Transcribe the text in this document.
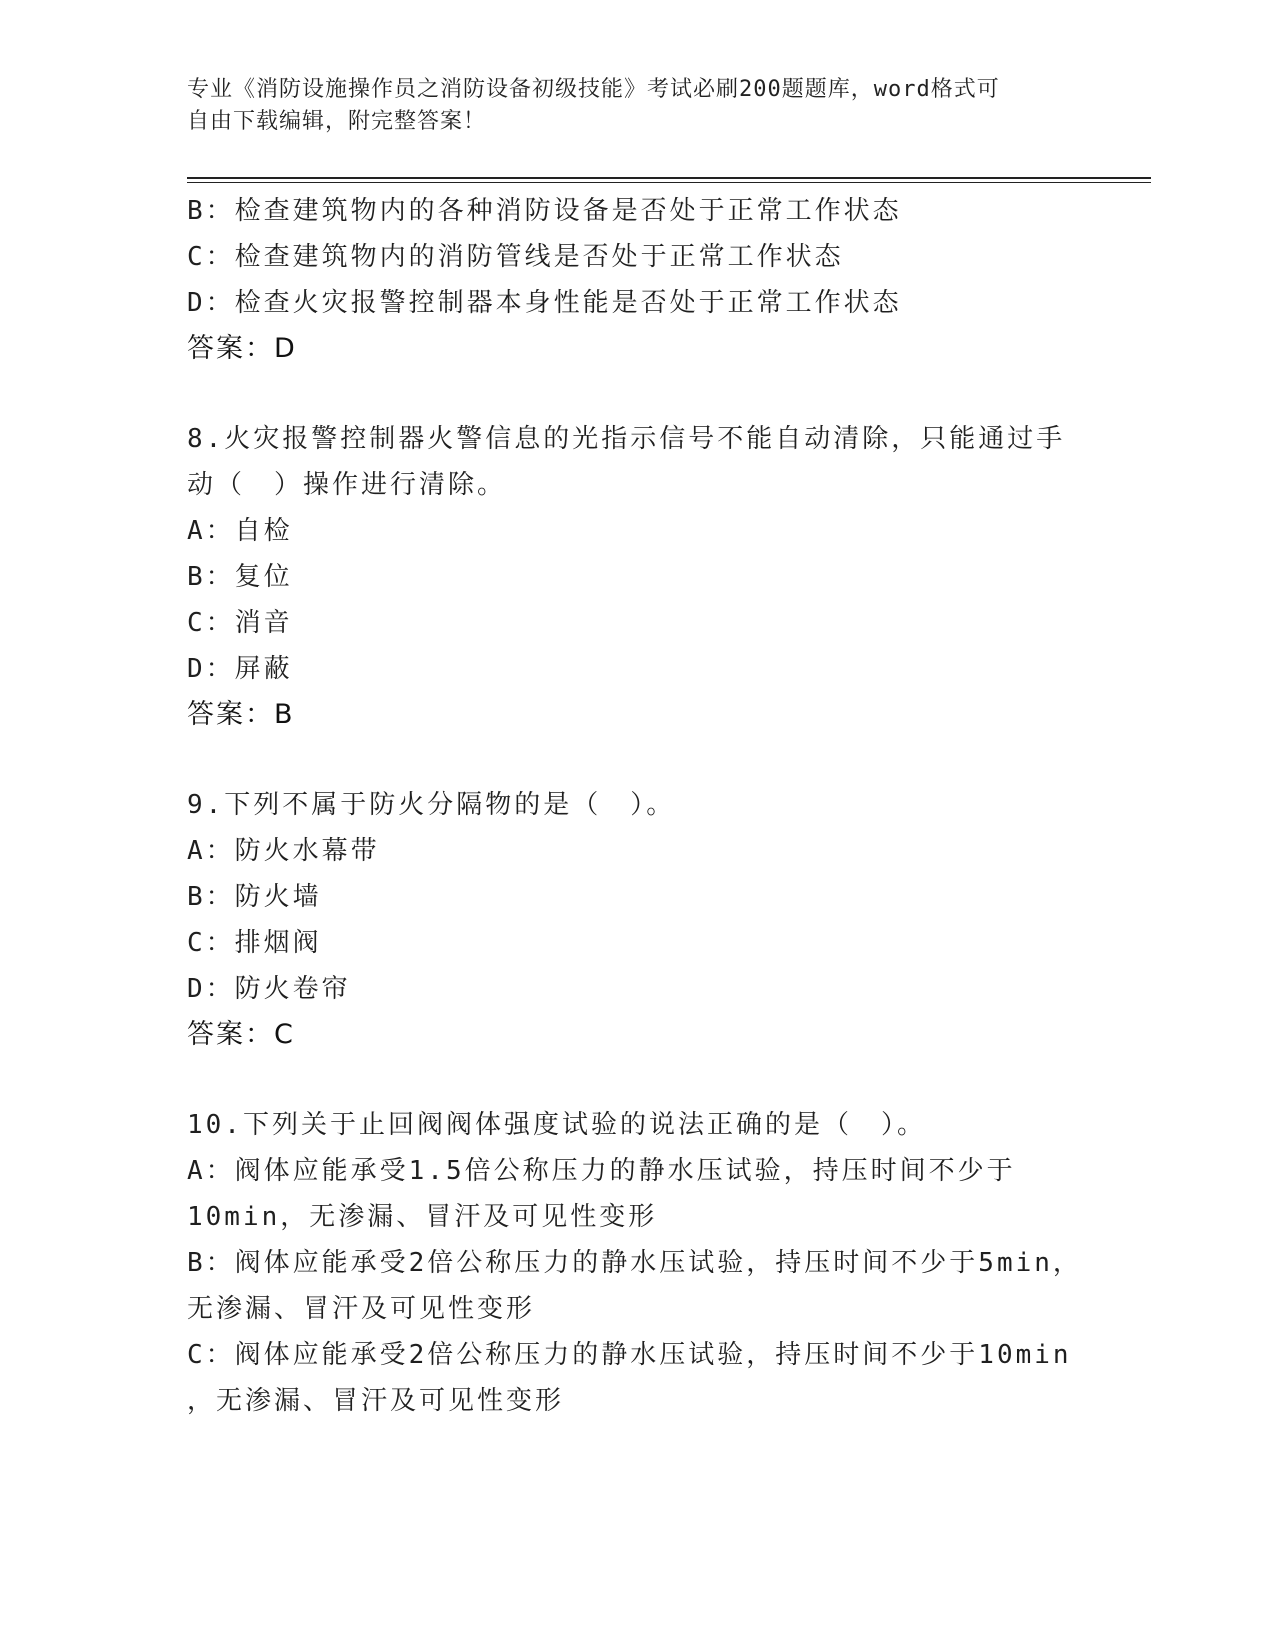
专业《消防设施操作员之消防设备初级技能》考试必刷200题题库，word格式可
自由下载编辑，附完整答案！
B：检查建筑物内的各种消防设备是否处于正常工作状态
C：检查建筑物内的消防管线是否处于正常工作状态
D：检查火灾报警控制器本身性能是否处于正常工作状态
答案：D
8.火灾报警控制器火警信息的光指示信号不能自动清除，只能通过手
动（　）操作进行清除。
A：自检
B：复位
C：消音
D：屏蔽
答案：B
9.下列不属于防火分隔物的是（　）。
A：防火水幕带
B：防火墙
C：排烟阀
D：防火卷帘
答案：C
10.下列关于止回阀阀体强度试验的说法正确的是（　）。
A：阀体应能承受1.5倍公称压力的静水压试验，持压时间不少于
10min，无渗漏、冒汗及可见性变形
B：阀体应能承受2倍公称压力的静水压试验，持压时间不少于5min，
无渗漏、冒汗及可见性变形
C：阀体应能承受2倍公称压力的静水压试验，持压时间不少于10min
，无渗漏、冒汗及可见性变形
